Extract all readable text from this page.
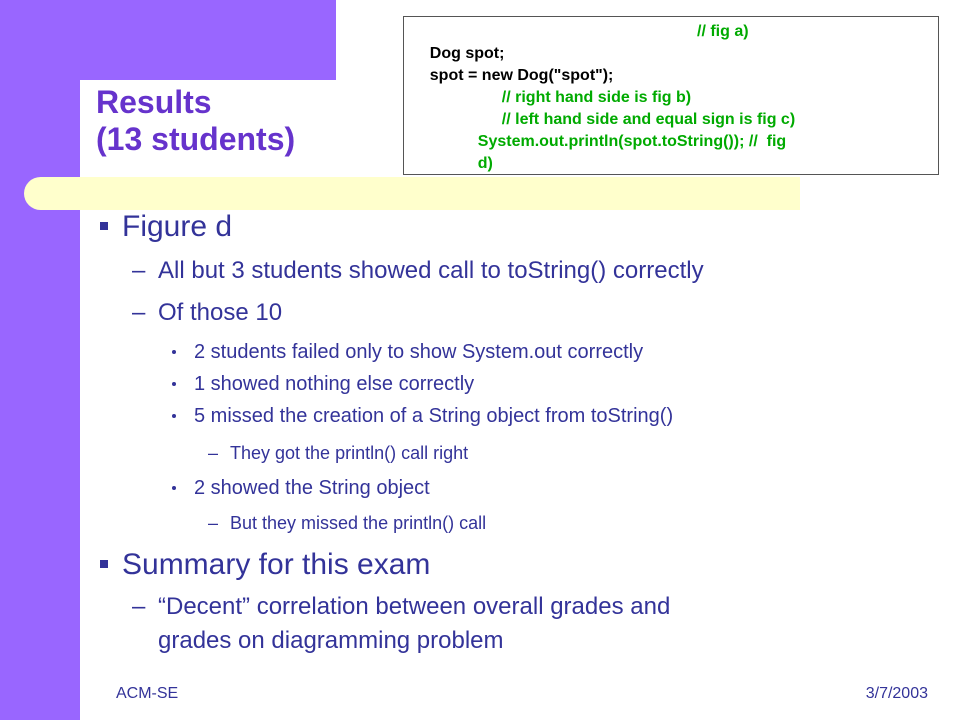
Results
(13 students)

Dog spot;

// fig a)

spot = new Dog("spot");

// right hand side is fig b)

// left hand side and equal sign is fig c)

System.out.println(spot.toString()); //  fig

d)

Figure d
– All but 3 students showed call to toString() correctly
– Of those 10
2 students failed only to show System.out correctly
1 showed nothing else correctly
5 missed the creation of a String object from toString()
– They got the println() call right
2 showed the String object
– But they missed the println() call
Summary for this exam
– “Decent” correlation between overall grades and
grades on diagramming problem
ACM-SE	3/7/2003
